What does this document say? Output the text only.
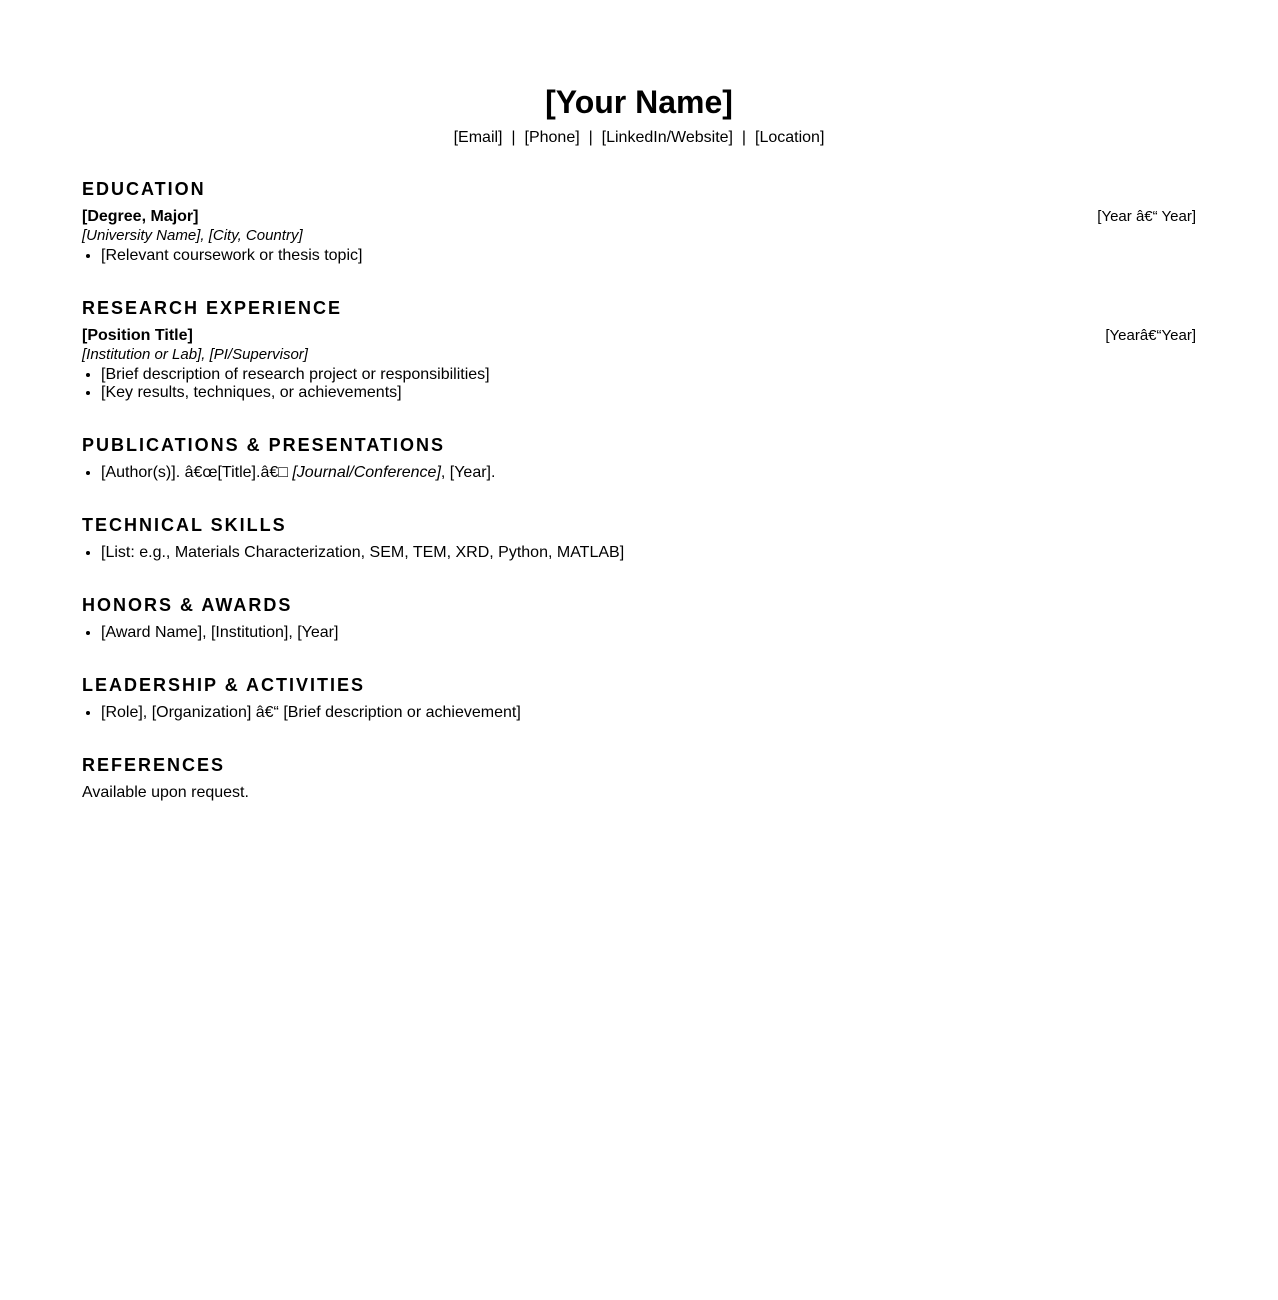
[Your Name]

[Email] | [Phone] | [LinkedIn/Website] | [Location]

EDUCATION
[Degree, Major]	[Year â€“ Year]
[University Name], [City, Country]
• [Relevant coursework or thesis topic]
RESEARCH EXPERIENCE
[Position Title]	[Yearâ€“Year]
[Institution or Lab], [PI/Supervisor]
• [Brief description of research project or responsibilities]
• [Key results, techniques, or achievements]
PUBLICATIONS & PRESENTATIONS
• [Author(s)]. â€œ[Title].â€□ [Journal/Conference], [Year].
TECHNICAL SKILLS
• [List: e.g., Materials Characterization, SEM, TEM, XRD, Python, MATLAB]
HONORS & AWARDS
• [Award Name], [Institution], [Year]
LEADERSHIP & ACTIVITIES
• [Role], [Organization] â€“ [Brief description or achievement]
REFERENCES

Available upon request.
